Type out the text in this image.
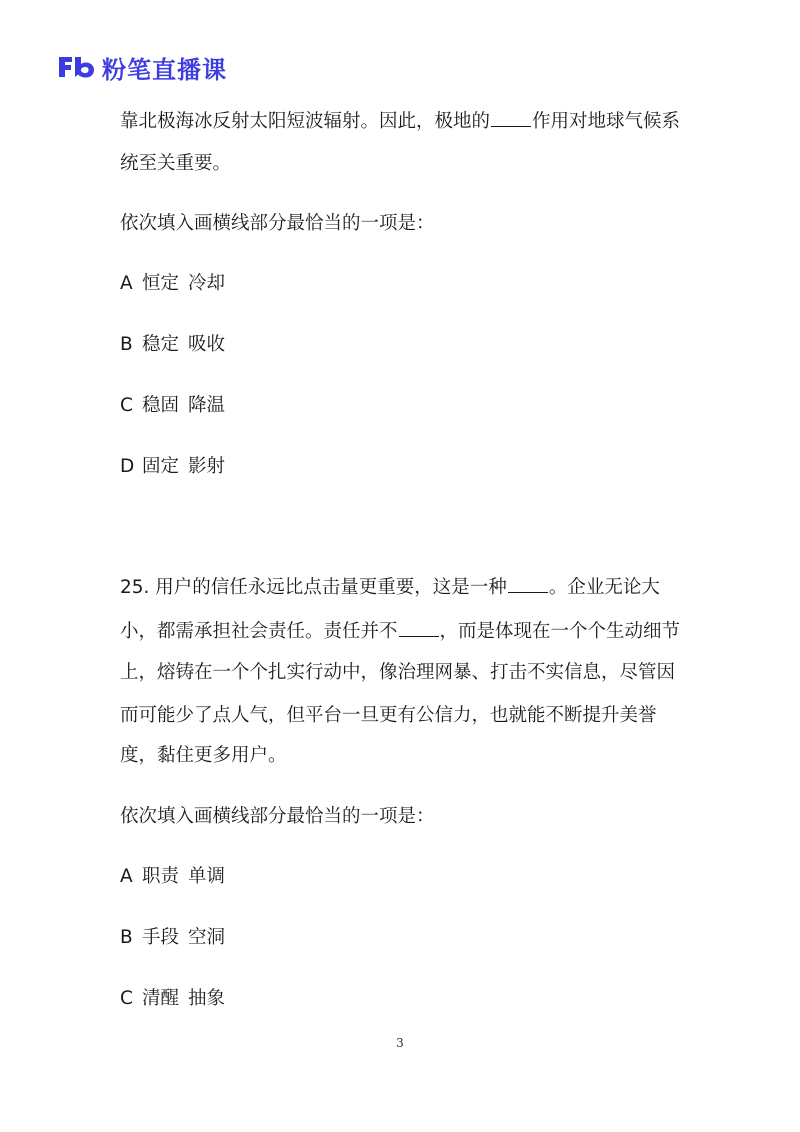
粉笔直播课
靠北极海冰反射太阳短波辐射。因此，极地的 作用对地球气候系
统至关重要。
依次填入画横线部分最恰当的一项是：
A 恒定 冷却
B 稳定 吸收
C 稳固 降温
D 固定 影射
25. 用户的信任永远比点击量更重要，这是一种 。企业无论大
小，都需承担社会责任。责任并不 ，而是体现在一个个生动细节
上，熔铸在一个个扎实行动中，像治理网暴、打击不实信息，尽管因
而可能少了点人气，但平台一旦更有公信力，也就能不断提升美誉
度，黏住更多用户。
依次填入画横线部分最恰当的一项是：
A 职责 单调
B 手段 空洞
C 清醒 抽象
3
